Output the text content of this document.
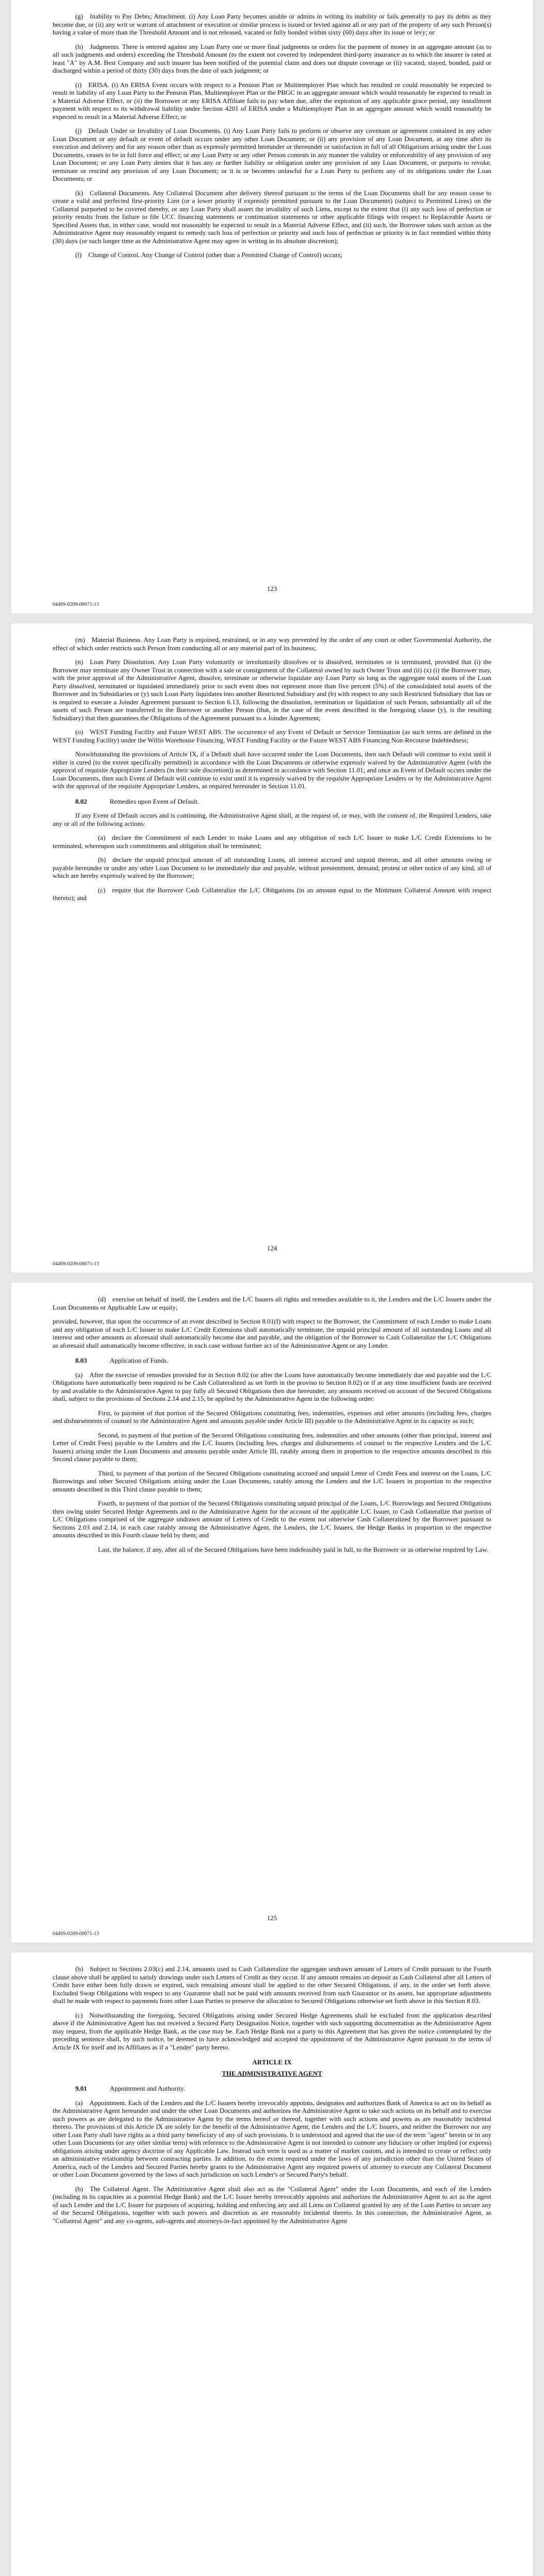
(g) Inability to Pay Debts; Attachment. (i) Any Loan Party becomes unable or admits in writing its inability or fails generally to pay its debts as they become due, or (ii) any writ or warrant of attachment or execution or similar process is issued or levied against all or any part of the property of any such Person(s) having a value of more than the Threshold Amount and is not released, vacated or fully bonded within sixty (60) days after its issue or levy; or

(h) Judgments. There is entered against any Loan Party one or more final judgments or orders for the payment of money in an aggregate amount (as to all such judgments and orders) exceeding the Threshold Amount (to the extent not covered by independent third-party insurance as to which the insurer is rated at least "A" by A.M. Best Company and such insurer has been notified of the potential claim and does not dispute coverage or (ii) vacated, stayed, bonded, paid or discharged within a period of thirty (30) days from the date of such judgment; or

(i) ERISA. (i) An ERISA Event occurs with respect to a Pension Plan or Multiemployer Plan which has resulted or could reasonably be expected to result in liability of any Loan Party to the Pension Plan, Multiemployer Plan or the PBGC in an aggregate amount which would reasonably be expected to result in a Material Adverse Effect, or (ii) the Borrower or any ERISA Affiliate fails to pay when due, after the expiration of any applicable grace period, any installment payment with respect to its withdrawal liability under Section 4201 of ERISA under a Multiemployer Plan in an aggregate amount which would reasonably be expected to result in a Material Adverse Effect; or

(j) Default Under or Invalidity of Loan Documents. (i) Any Loan Party fails to perform or observe any covenant or agreement contained in any other Loan Document or any default or event of default occurs under any other Loan Document; or (ii) any provision of any Loan Document, at any time after its execution and delivery and for any reason other than as expressly permitted hereunder or thereunder or satisfaction in full of all Obligations arising under the Loan Documents, ceases to be in full force and effect; or any Loan Party or any other Person contests in any manner the validity or enforceability of any provision of any Loan Document; or any Loan Party denies that it has any or further liability or obligation under any provision of any Loan Document, or purports to revoke, terminate or rescind any provision of any Loan Document; or it is or becomes unlawful for a Loan Party to perform any of its obligations under the Loan Documents; or

(k) Collateral Documents. Any Collateral Document after delivery thereof pursuant to the terms of the Loan Documents shall for any reason cease to create a valid and perfected first-priority Lien (or a lower priority if expressly permitted pursuant to the Loan Documents) (subject to Permitted Liens) on the Collateral purported to be covered thereby, or any Loan Party shall assert the invalidity of such Liens, except to the extent that (i) any such loss of perfection or priority results from the failure to file UCC financing statements or continuation statements or other applicable filings with respect to Replaceable Assets or Specified Assets that, in either case, would not reasonably be expected to result in a Material Adverse Effect, and (ii) such, the Borrower takes such action as the Administrative Agent may reasonably request to remedy such loss of perfection or priority and such loss of perfection or priority is in fact remedied within thirty (30) days (or such longer time as the Administrative Agent may agree in writing in its absolute discretion);

(l) Change of Control. Any Change of Control (other than a Permitted Change of Control) occurs;

123
04469-0209-00071-13

(m) Material Business. Any Loan Party is enjoined, restrained, or in any way prevented by the order of any court or other Governmental Authority, the effect of which order restricts such Person from conducting all or any material part of its business;

(n) Loan Party Dissolution. Any Loan Party voluntarily or involuntarily dissolves or is dissolved, terminates or is terminated, provided that (i) the Borrower may terminate any Owner Trust in connection with a sale or consignment of the Collateral owned by such Owner Trust and (ii) (x) (i) the Borrower may, with the prior approval of the Administrative Agent, dissolve, terminate or otherwise liquidate any Loan Party so long as the aggregate total assets of the Loan Party dissolved, terminated or liquidated immediately prior to such event does not represent more than five percent (5%) of the consolidated total assets of the Borrower and its Subsidiaries or (y) such Loan Party liquidates into another Restricted Subsidiary and (b) with respect to any such Restricted Subsidiary that has or is required to execute a Joinder Agreement pursuant to Section 6.13, following the dissolution, termination or liquidation of such Person, substantially all of the assets of such Person are transferred to the Borrower or another Person (that, in the case of the event described in the foregoing clause (y), is the resulting Subsidiary) that then guarantees the Obligations of the Agreement pursuant to a Joinder Agreement;

(o) WEST Funding Facility and Future WEST ABS. The occurrence of any Event of Default or Servicer Termination (as such terms are defined in the WEST Funding Facility) under the Willis Warehouse Financing, WEST Funding Facility or the Future WEST ABS Financing Non-Recourse Indebtedness;

Notwithstanding the provisions of Article IX, if a Default shall have occurred under the Loan Documents, then such Default will continue to exist until it either is cured (to the extent specifically permitted) in accordance with the Loan Documents or otherwise expressly waived by the Administrative Agent (with the approval of requisite Appropriate Lenders (in their sole discretion)) as determined in accordance with Section 11.01; and once an Event of Default occurs under the Loan Documents, then such Event of Default will continue to exist until it is expressly waived by the requisite Appropriate Lenders or by the Administrative Agent with the approval of the requisite Appropriate Lenders, as required hereunder in Section 11.01.

8.02	Remedies upon Event of Default.

If any Event of Default occurs and is continuing, the Administrative Agent shall, at the request of, or may, with the consent of, the Required Lenders, take any or all of the following actions:

(a) declare the Commitment of each Lender to make Loans and any obligation of each L/C Issuer to make L/C Credit Extensions to be terminated, whereupon such commitments and obligation shall be terminated;

(b) declare the unpaid principal amount of all outstanding Loans, all interest accrued and unpaid thereon, and all other amounts owing or payable hereunder or under any other Loan Document to be immediately due and payable, without presentment, demand, protest or other notice of any kind, all of which are hereby expressly waived by the Borrower;

(c) require that the Borrower Cash Collateralize the L/C Obligations (in an amount equal to the Minimum Collateral Amount with respect thereto); and

124
04469-0209-00071-13

(d) exercise on behalf of itself, the Lenders and the L/C Issuers all rights and remedies available to it, the Lenders and the L/C Issuers under the Loan Documents or Applicable Law or equity;

provided, however, that upon the occurrence of an event described in Section 8.01(f) with respect to the Borrower, the Commitment of each Lender to make Loans and any obligation of each L/C Issuer to make L/C Credit Extensions shall automatically terminate, the unpaid principal amount of all outstanding Loans and all interest and other amounts as aforesaid shall automatically become due and payable, and the obligation of the Borrower to Cash Collateralize the L/C Obligations as aforesaid shall automatically become effective, in each case without further act of the Administrative Agent or any Lender.

8.03	Application of Funds.

(a) After the exercise of remedies provided for in Section 8.02 (or after the Loans have automatically become immediately due and payable and the L/C Obligations have automatically been required to be Cash Collateralized as set forth in the proviso to Section 8.02) or if at any time insufficient funds are received by and available to the Administrative Agent to pay fully all Secured Obligations then due hereunder, any amounts received on account of the Secured Obligations shall, subject to the provisions of Sections 2.14 and 2.15, be applied by the Administrative Agent in the following order:

First, to payment of that portion of the Secured Obligations constituting fees, indemnities, expenses and other amounts (including fees, charges and disbursements of counsel to the Administrative Agent and amounts payable under Article III) payable to the Administrative Agent in its capacity as such;

Second, to payment of that portion of the Secured Obligations constituting fees, indemnities and other amounts (other than principal, interest and Letter of Credit Fees) payable to the Lenders and the L/C Issuers (including fees, charges and disbursements of counsel to the respective Lenders and the L/C Issuers) arising under the Loan Documents and amounts payable under Article III, ratably among them in proportion to the respective amounts described in this Second clause payable to them;

Third, to payment of that portion of the Secured Obligations constituting accrued and unpaid Letter of Credit Fees and interest on the Loans, L/C Borrowings and other Secured Obligations arising under the Loan Documents, ratably among the Lenders and the L/C Issuers in proportion to the respective amounts described in this Third clause payable to them;

Fourth, to payment of that portion of the Secured Obligations constituting unpaid principal of the Loans, L/C Borrowings and Secured Obligations then owing under Secured Hedge Agreements and to the Administrative Agent for the account of the applicable L/C Issuer, to Cash Collateralize that portion of L/C Obligations comprised of the aggregate undrawn amount of Letters of Credit to the extent not otherwise Cash Collateralized by the Borrower pursuant to Sections 2.03 and 2.14, in each case ratably among the Administrative Agent, the Lenders, the L/C Issuers, the Hedge Banks in proportion to the respective amounts described in this Fourth clause held by them; and

Last, the balance, if any, after all of the Secured Obligations have been indefeasibly paid in full, to the Borrower or as otherwise required by Law.

125
04469-0209-00071-13

(b) Subject to Sections 2.03(c) and 2.14, amounts used to Cash Collateralize the aggregate undrawn amount of Letters of Credit pursuant to the Fourth clause above shall be applied to satisfy drawings under such Letters of Credit as they occur. If any amount remains on deposit as Cash Collateral after all Letters of Credit have either been fully drawn or expired, such remaining amount shall be applied to the other Secured Obligations, if any, in the order set forth above. Excluded Swap Obligations with respect to any Guarantor shall not be paid with amounts received from such Guarantor or its assets, but appropriate adjustments shall be made with respect to payments from other Loan Parties to preserve the allocation to Secured Obligations otherwise set forth above in this Section 8.03.

(c) Notwithstanding the foregoing, Secured Obligations arising under Secured Hedge Agreements shall be excluded from the application described above if the Administrative Agent has not received a Secured Party Designation Notice, together with such supporting documentation as the Administrative Agent may request, from the applicable Hedge Bank, as the case may be. Each Hedge Bank not a party to this Agreement that has given the notice contemplated by the preceding sentence shall, by such notice, be deemed to have acknowledged and accepted the appointment of the Administrative Agent pursuant to the terms of Article IX for itself and its Affiliates as if a "Lender" party hereto.

ARTICLE IX
THE ADMINISTRATIVE AGENT
9.01	Appointment and Authority.

(a) Appointment. Each of the Lenders and the L/C Issuers hereby irrevocably appoints, designates and authorizes Bank of America to act on its behalf as the Administrative Agent hereunder and under the other Loan Documents and authorizes the Administrative Agent to take such actions on its behalf and to exercise such powers as are delegated to the Administrative Agent by the terms hereof or thereof, together with such actions and powers as are reasonably incidental thereto. The provisions of this Article IX are solely for the benefit of the Administrative Agent, the Lenders and the L/C Issuers, and neither the Borrower nor any other Loan Party shall have rights as a third party beneficiary of any of such provisions. It is understood and agreed that the use of the term "agent" herein or in any other Loan Documents (or any other similar term) with reference to the Administrative Agent is not intended to connote any fiduciary or other implied (or express) obligations arising under agency doctrine of any Applicable Law. Instead such term is used as a matter of market custom, and is intended to create or reflect only an administrative relationship between contracting parties. In addition, to the extent required under the laws of any jurisdiction other than the United States of America, each of the Lenders and Secured Parties hereby grants to the Administrative Agent any required powers of attorney to execute any Collateral Document or other Loan Document governed by the laws of such jurisdiction on such Lender's or Secured Party's behalf.

(b) The Collateral Agent. The Administrative Agent shall also act as the "Collateral Agent" under the Loan Documents, and each of the Lenders (including in its capacities as a potential Hedge Bank) and the L/C Issuer hereby irrevocably appoints and authorizes the Administrative Agent to act as the agent of such Lender and the L/C Issuer for purposes of acquiring, holding and enforcing any and all Liens on Collateral granted by any of the Loan Parties to secure any of the Secured Obligations, together with such powers and discretion as are reasonably incidental thereto. In this connection, the Administrative Agent, as "Collateral Agent" and any co-agents, sub-agents and attorneys-in-fact appointed by the Administrative Agent
